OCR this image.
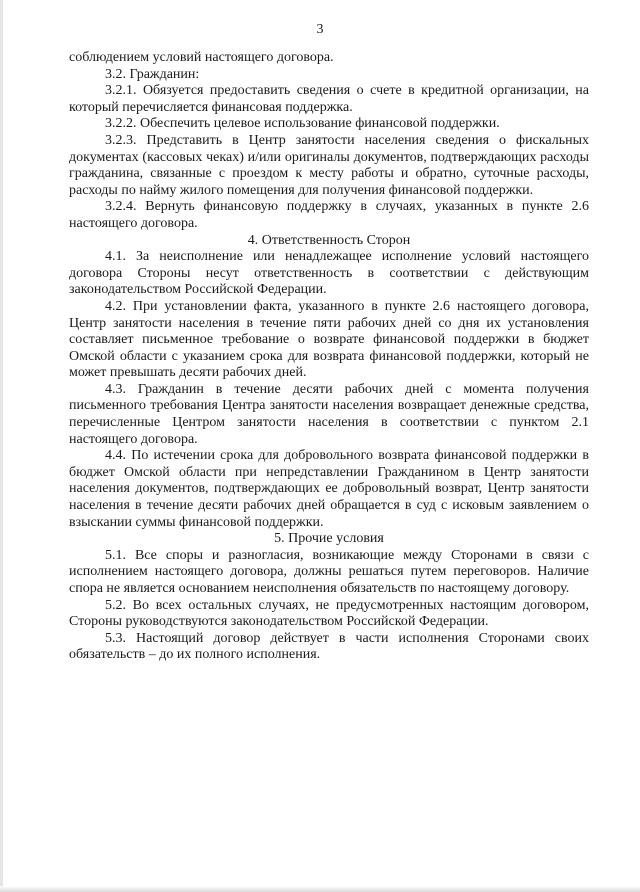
3

соблюдением условий настоящего договора.

3.2. Гражданин:

3.2.1. Обязуется предоставить сведения о счете в кредитной организации, на который перечисляется финансовая поддержка.

3.2.2. Обеспечить целевое использование финансовой поддержки.

3.2.3. Представить в Центр занятости населения сведения о фискальных документах (кассовых чеках) и/или оригиналы документов, подтверждающих расходы гражданина, связанные с проездом к месту работы и обратно, суточные расходы, расходы по найму жилого помещения для получения финансовой поддержки.

3.2.4. Вернуть финансовую поддержку в случаях, указанных в пункте 2.6 настоящего договора.

4. Ответственность Сторон

4.1. За неисполнение или ненадлежащее исполнение условий настоящего договора Стороны несут ответственность в соответствии с действующим законодательством Российской Федерации.

4.2. При установлении факта, указанного в пункте 2.6 настоящего договора, Центр занятости населения в течение пяти рабочих дней со дня их установления составляет письменное требование о возврате финансовой поддержки в бюджет Омской области с указанием срока для возврата финансовой поддержки, который не может превышать десяти рабочих дней.

4.3. Гражданин в течение десяти рабочих дней с момента получения письменного требования Центра занятости населения возвращает денежные средства, перечисленные Центром занятости населения в соответствии с пунктом 2.1 настоящего договора.

4.4. По истечении срока для добровольного возврата финансовой поддержки в бюджет Омской области при непредставлении Гражданином в Центр занятости населения документов, подтверждающих ее добровольный возврат, Центр занятости населения в течение десяти рабочих дней обращается в суд с исковым заявлением о взыскании суммы финансовой поддержки.

5. Прочие условия

5.1. Все споры и разногласия, возникающие между Сторонами в связи с исполнением настоящего договора, должны решаться путем переговоров. Наличие спора не является основанием неисполнения обязательств по настоящему договору.

5.2. Во всех остальных случаях, не предусмотренных настоящим договором, Стороны руководствуются законодательством Российской Федерации.

5.3. Настоящий договор действует в части исполнения Сторонами своих обязательств – до их полного исполнения.
